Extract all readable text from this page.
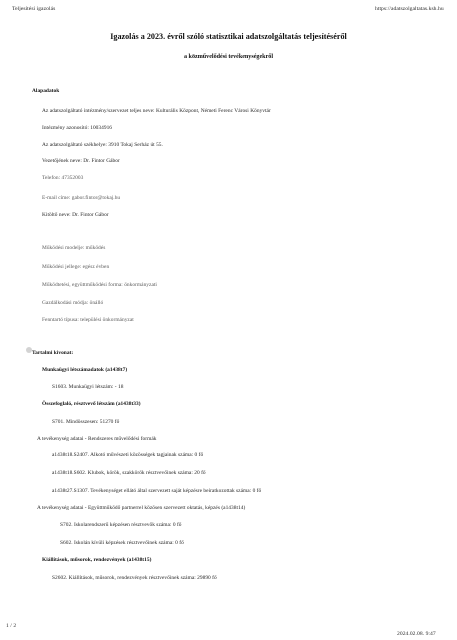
Teljesítési igazolás	https://adatszolgaltatas.ksh.hu
Igazolás a 2023. évről szóló statisztikai adatszolgáltatás teljesítéséről
a közművelődési tevékenységekről
Alapadatok
Az adatszolgáltató intézmény/szervezet teljes neve: Kulturális Központ, Németi Ferenc Városi Könyvtár
Intézmény azonosító: 10034916
Az adatszolgáltató székhelye: 3910 Tokaj Serház út 55.
Vezetőjének neve: Dr. Fintor Gábor
Telefon: 47352003
E-mail címe: gabor.fintor@tokaj.hu
Kitöltő neve: Dr. Fintor Gábor
Működési modelje: működés
Működési jellege: egész évben
Működtetési, együttműködési forma: önkormányzati
Gazdálkodási módja: önálló
Fenntartó típusa: települési önkormányzat
Tartalmi kivonat:
Munkaügyi létszámadatok (a1438t7)
S1603. Munkaügyi létszám: - 18
Összefoglaló, résztvevő létszám (a1438t33)
S701. Mindösszesen: 51270 fő
A tevékenység adatai - Rendszeres művelődési formák
a1438t18.S2407. Alkotó művészeti közösségek tagjainak száma: 0 fő
a1438t18.S602. Klubok, körök, szakkörök résztvevőinek száma: 20 fő
a1438t27.S1307. Tevékenységet ellátó által szervezett saját képzésre beiratkozottak száma: 0 fő
A tevékenység adatai - Együttműködő partnerrel közösen szervezett oktatás, képzés (a1438t14)
S702. Iskolarendszerű képzésen résztvevők száma: 0 fő
S602. Iskolán kívüli képzések résztvevőinek száma: 0 fő
Kiállítások, műsorok, rendezvények (a1438t15)
S2602. Kiállítások, műsorok, rendezvények résztvevőinek száma: 29890 fő
1 / 2
2024.02.08. 9:47
